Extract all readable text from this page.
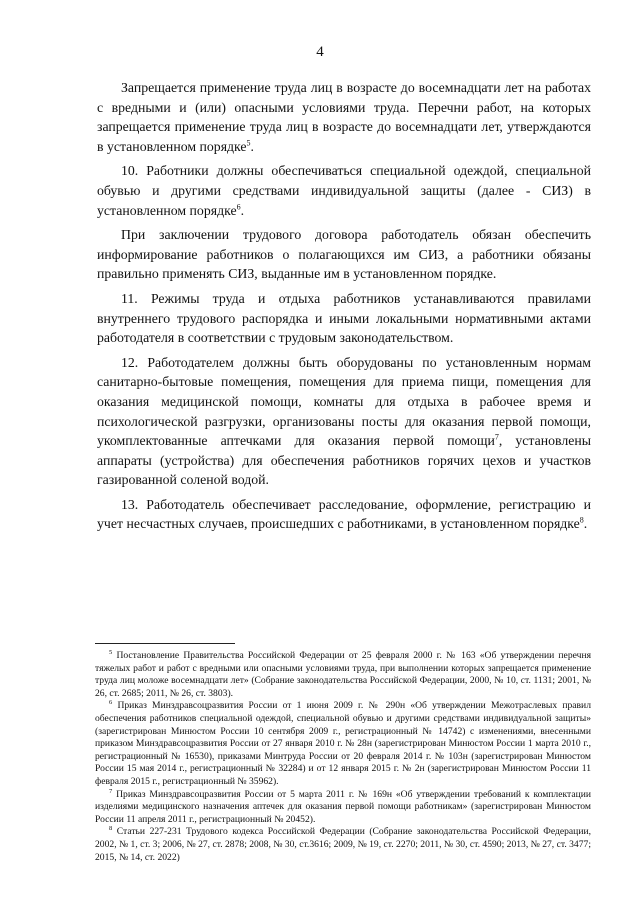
4

Запрещается применение труда лиц в возрасте до восемнадцати лет на работах с вредными и (или) опасными условиями труда. Перечни работ, на которых запрещается применение труда лиц в возрасте до восемнадцати лет, утверждаются в установленном порядке$^5$.

10. Работники должны обеспечиваться специальной одеждой, специальной обувью и другими средствами индивидуальной защиты (далее - СИЗ) в установленном порядке$^6$.

При заключении трудового договора работодатель обязан обеспечить информирование работников о полагающихся им СИЗ, а работники обязаны правильно применять СИЗ, выданные им в установленном порядке.

11. Режимы труда и отдыха работников устанавливаются правилами внутреннего трудового распорядка и иными локальными нормативными актами работодателя в соответствии с трудовым законодательством.

12. Работодателем должны быть оборудованы по установленным нормам санитарно-бытовые помещения, помещения для приема пищи, помещения для оказания медицинской помощи, комнаты для отдыха в рабочее время и психологической разгрузки, организованы посты для оказания первой помощи, укомплектованные аптечками для оказания первой помощи$^7$, установлены аппараты (устройства) для обеспечения работников горячих цехов и участков газированной соленой водой.

13. Работодатель обеспечивает расследование, оформление, регистрацию и учет несчастных случаев, происшедших с работниками, в установленном порядке$^8$.

$^5$ Постановление Правительства Российской Федерации от 25 февраля 2000 г. № 163 «Об утверждении перечня тяжелых работ и работ с вредными или опасными условиями труда, при выполнении которых запрещается применение труда лиц моложе восемнадцати лет» (Собрание законодательства Российской Федерации, 2000, № 10, ст. 1131; 2001, № 26, ст. 2685; 2011, № 26, ст. 3803).

$^6$ Приказ Минздравсоцразвития России от 1 июня 2009 г. № 290н «Об утверждении Межотраслевых правил обеспечения работников специальной одеждой, специальной обувью и другими средствами индивидуальной защиты» (зарегистрирован Минюстом России 10 сентября 2009 г., регистрационный № 14742) с изменениями, внесенными приказом Минздравсоцразвития России от 27 января 2010 г. № 28н (зарегистрирован Минюстом России 1 марта 2010 г., регистрационный № 16530), приказами Минтруда России от 20 февраля 2014 г. № 103н (зарегистрирован Минюстом России 15 мая 2014 г., регистрационный № 32284) и от 12 января 2015 г. № 2н (зарегистрирован Минюстом России 11 февраля 2015 г., регистрационный № 35962).

$^7$ Приказ Минздравсоцразвития России от 5 марта 2011 г. № 169н «Об утверждении требований к комплектации изделиями медицинского назначения аптечек для оказания первой помощи работникам» (зарегистрирован Минюстом России 11 апреля 2011 г., регистрационный № 20452).

$^8$ Статьи 227-231 Трудового кодекса Российской Федерации (Собрание законодательства Российской Федерации, 2002, № 1, ст. 3; 2006, № 27, ст. 2878; 2008, № 30, ст.3616; 2009, № 19, ст. 2270; 2011, № 30, ст. 4590; 2013, № 27, ст. 3477; 2015, № 14, ст. 2022)
